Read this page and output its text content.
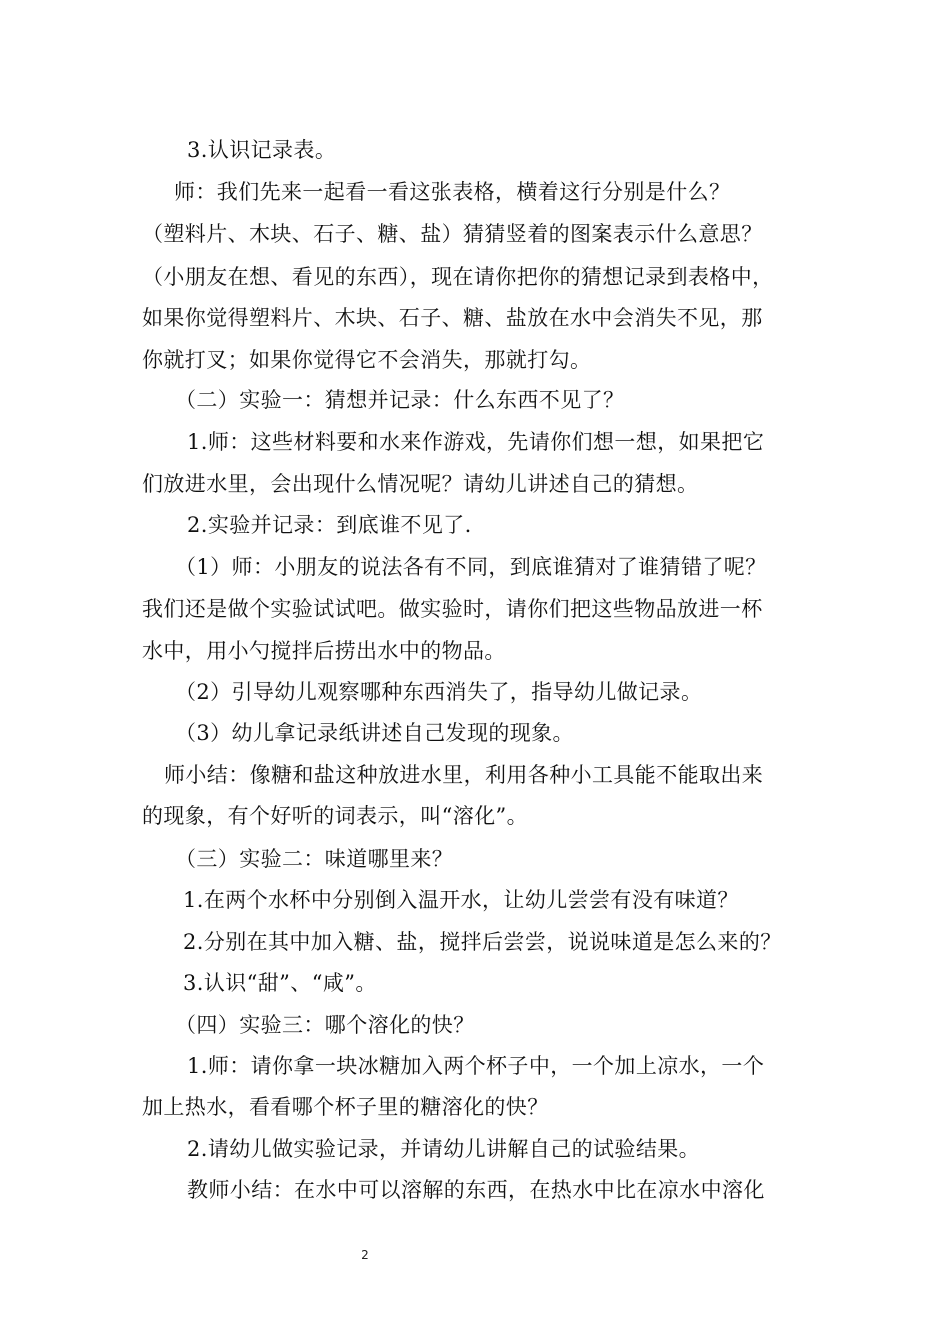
3.认识记录表。
师：我们先来一起看一看这张表格，横着这行分别是什么？
（塑料片、木块、石子、糖、盐）猜猜竖着的图案表示什么意思？
（小朋友在想、看见的东西），现在请你把你的猜想记录到表格中，
如果你觉得塑料片、木块、石子、糖、盐放在水中会消失不见，那
你就打叉；如果你觉得它不会消失，那就打勾。
（二）实验一：猜想并记录：什么东西不见了？
1.师：这些材料要和水来作游戏，先请你们想一想，如果把它
们放进水里，会出现什么情况呢？请幼儿讲述自己的猜想。
2.实验并记录：到底谁不见了.
（1）师：小朋友的说法各有不同，到底谁猜对了谁猜错了呢？
我们还是做个实验试试吧。做实验时，请你们把这些物品放进一杯
水中，用小勺搅拌后捞出水中的物品。
（2）引导幼儿观察哪种东西消失了，指导幼儿做记录。
（3）幼儿拿记录纸讲述自己发现的现象。
师小结：像糖和盐这种放进水里，利用各种小工具能不能取出来
的现象，有个好听的词表示，叫“溶化”。
（三）实验二：味道哪里来？
1.在两个水杯中分别倒入温开水，让幼儿尝尝有没有味道？
2.分别在其中加入糖、盐，搅拌后尝尝，说说味道是怎么来的？
3.认识“甜”、“咸”。
（四）实验三：哪个溶化的快？
1.师：请你拿一块冰糖加入两个杯子中，一个加上凉水，一个
加上热水，看看哪个杯子里的糖溶化的快？
2.请幼儿做实验记录，并请幼儿讲解自己的试验结果。
教师小结：在水中可以溶解的东西，在热水中比在凉水中溶化
2
